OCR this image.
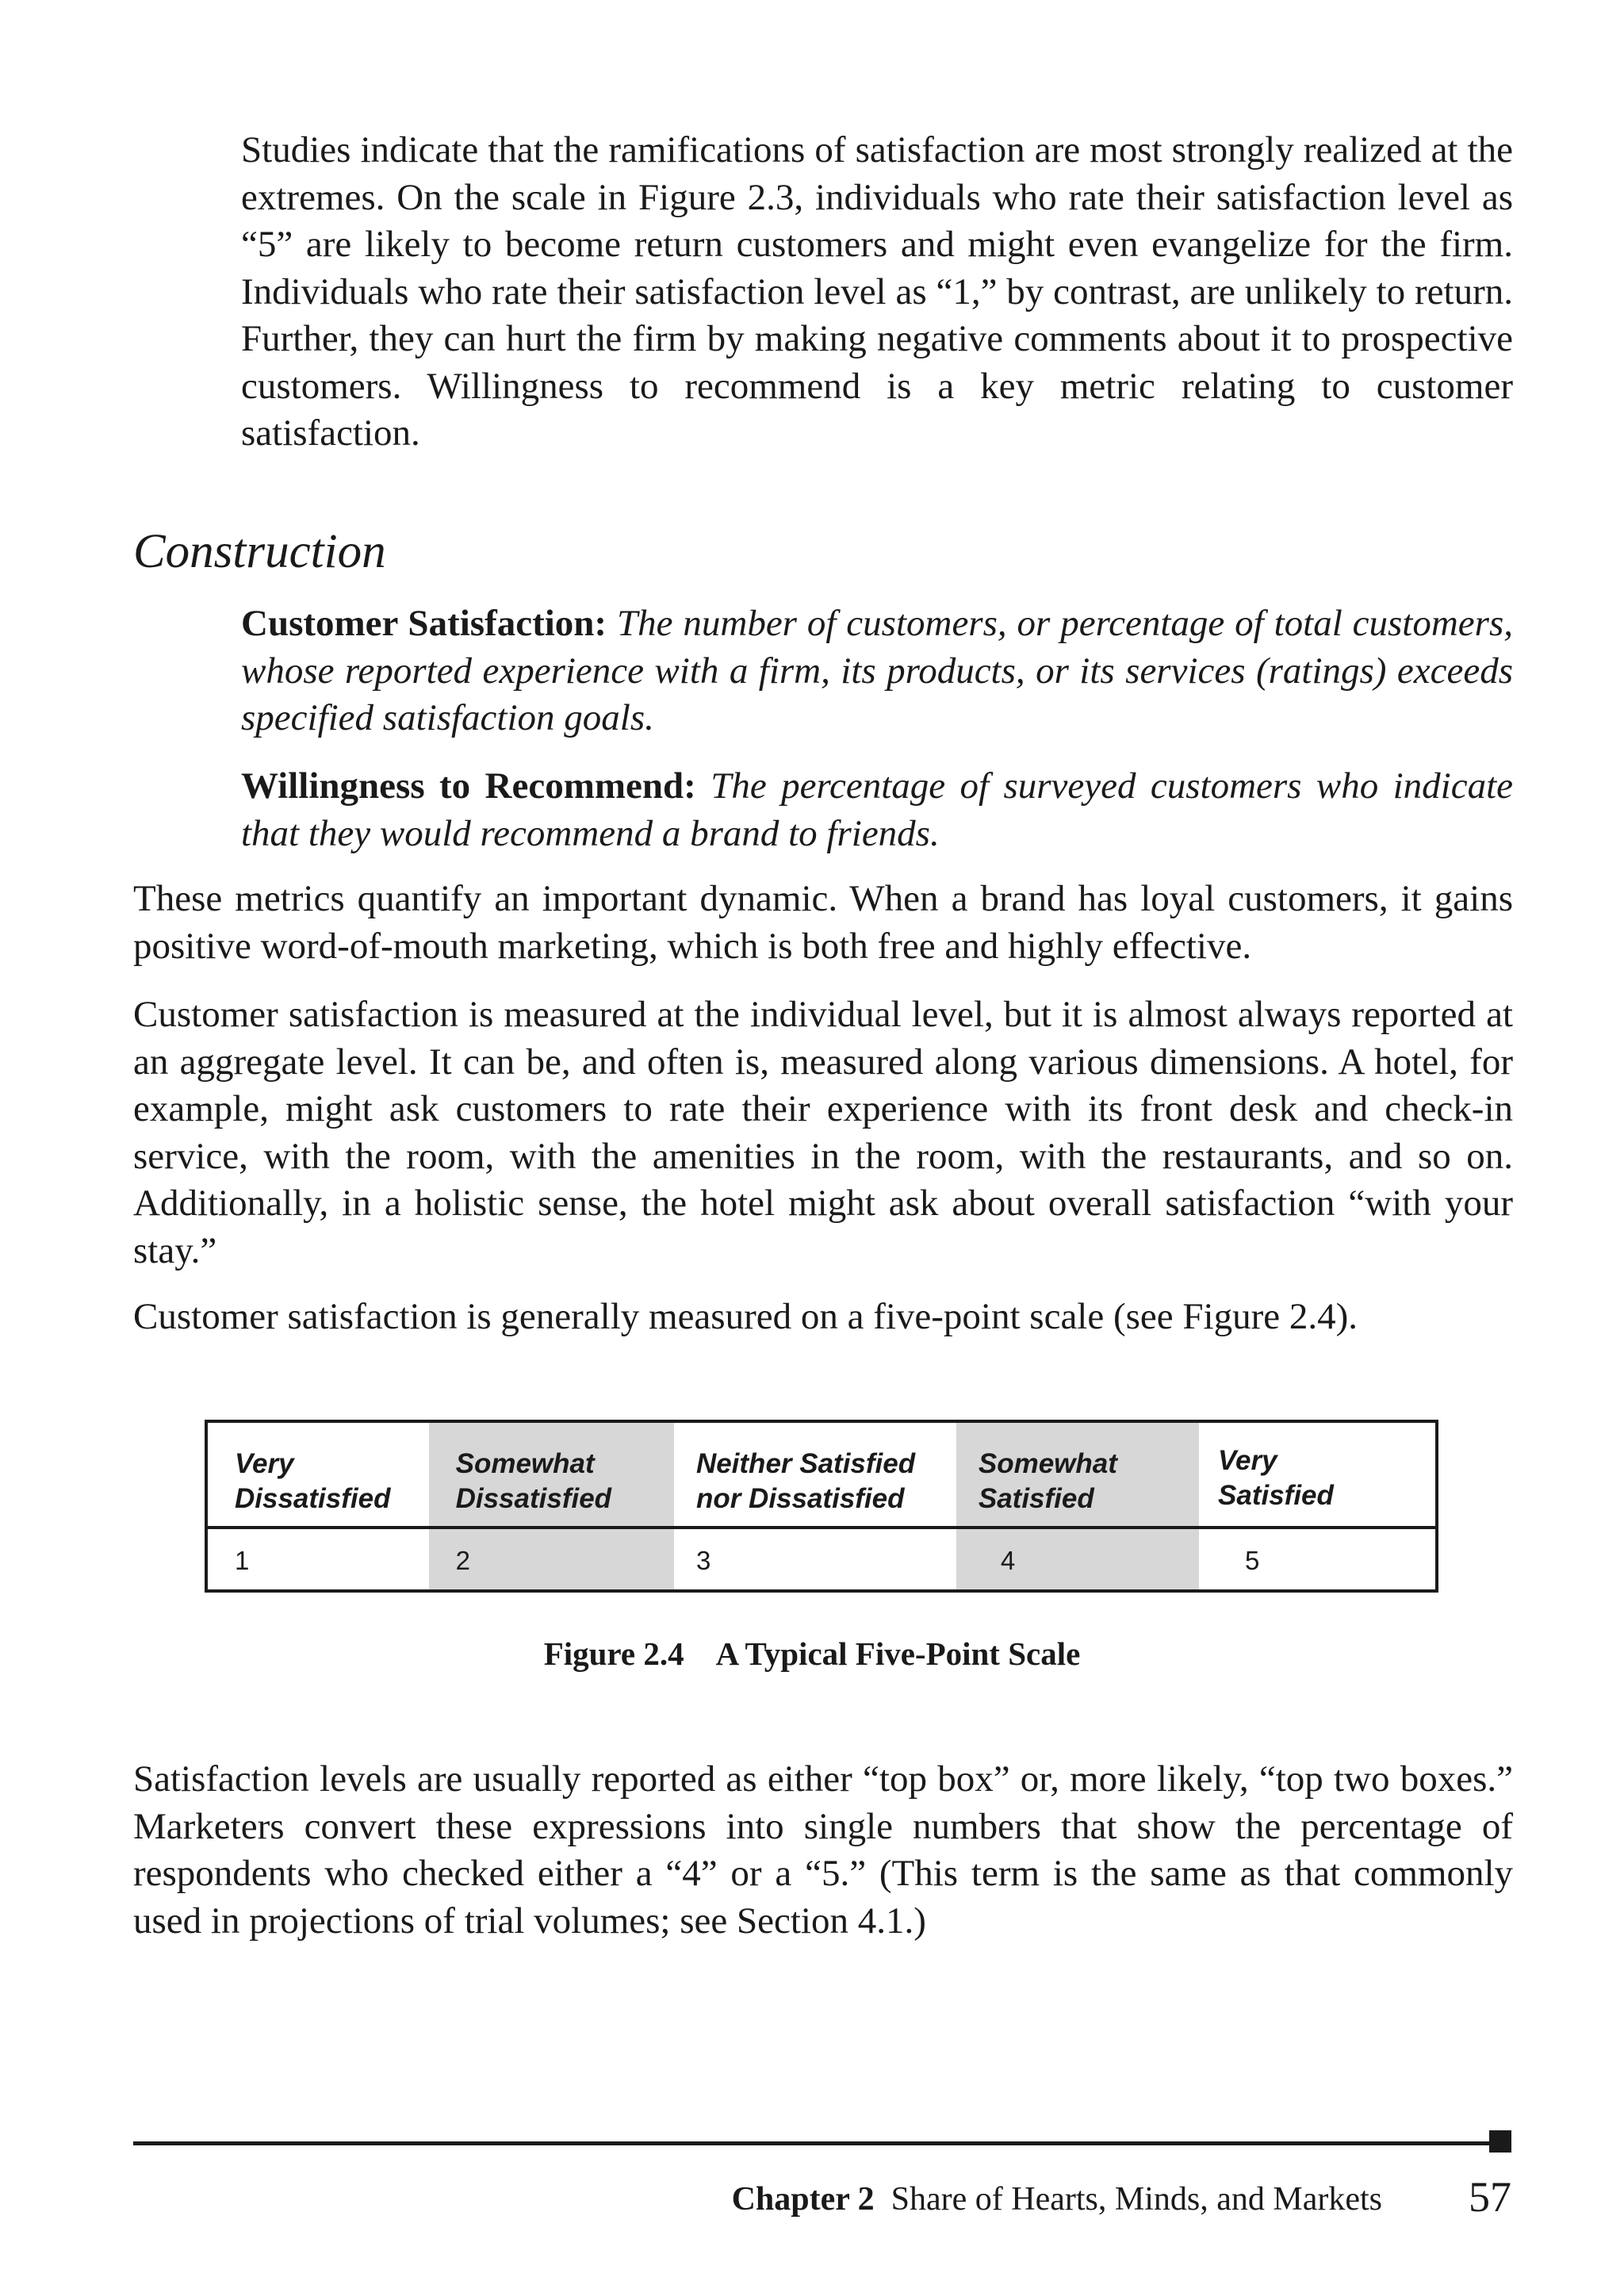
Studies indicate that the ramifications of satisfaction are most strongly realized at the extremes. On the scale in Figure 2.3, individuals who rate their satisfaction level as “5” are likely to become return customers and might even evangelize for the firm. Individuals who rate their satisfaction level as “1,” by contrast, are unlikely to return. Further, they can hurt the firm by making negative comments about it to prospective customers. Willingness to recommend is a key metric relating to customer satisfaction.

Construction

Customer Satisfaction: The number of customers, or percentage of total customers, whose reported experience with a firm, its products, or its services (ratings) exceeds specified satisfaction goals.

Willingness to Recommend: The percentage of surveyed customers who indicate that they would recommend a brand to friends.

These metrics quantify an important dynamic. When a brand has loyal customers, it gains positive word-of-mouth marketing, which is both free and highly effective.

Customer satisfaction is measured at the individual level, but it is almost always reported at an aggregate level. It can be, and often is, measured along various dimensions. A hotel, for example, might ask customers to rate their experience with its front desk and check-in service, with the room, with the amenities in the room, with the restaurants, and so on. Additionally, in a holistic sense, the hotel might ask about overall satisfaction “with your stay.”

Customer satisfaction is generally measured on a five-point scale (see Figure 2.4).

Very
Dissatisfied	Somewhat
Dissatisfied	Neither Satisfied
nor Dissatisfied	Somewhat
Satisfied	Very
Satisfied
1	2	3	4	5

Figure 2.4 A Typical Five-Point Scale

Satisfaction levels are usually reported as either “top box” or, more likely, “top two boxes.” Marketers convert these expressions into single numbers that show the percentage of respondents who checked either a “4” or a “5.” (This term is the same as that commonly used in projections of trial volumes; see Section 4.1.)

Chapter 2 Share of Hearts, Minds, and Markets 57
